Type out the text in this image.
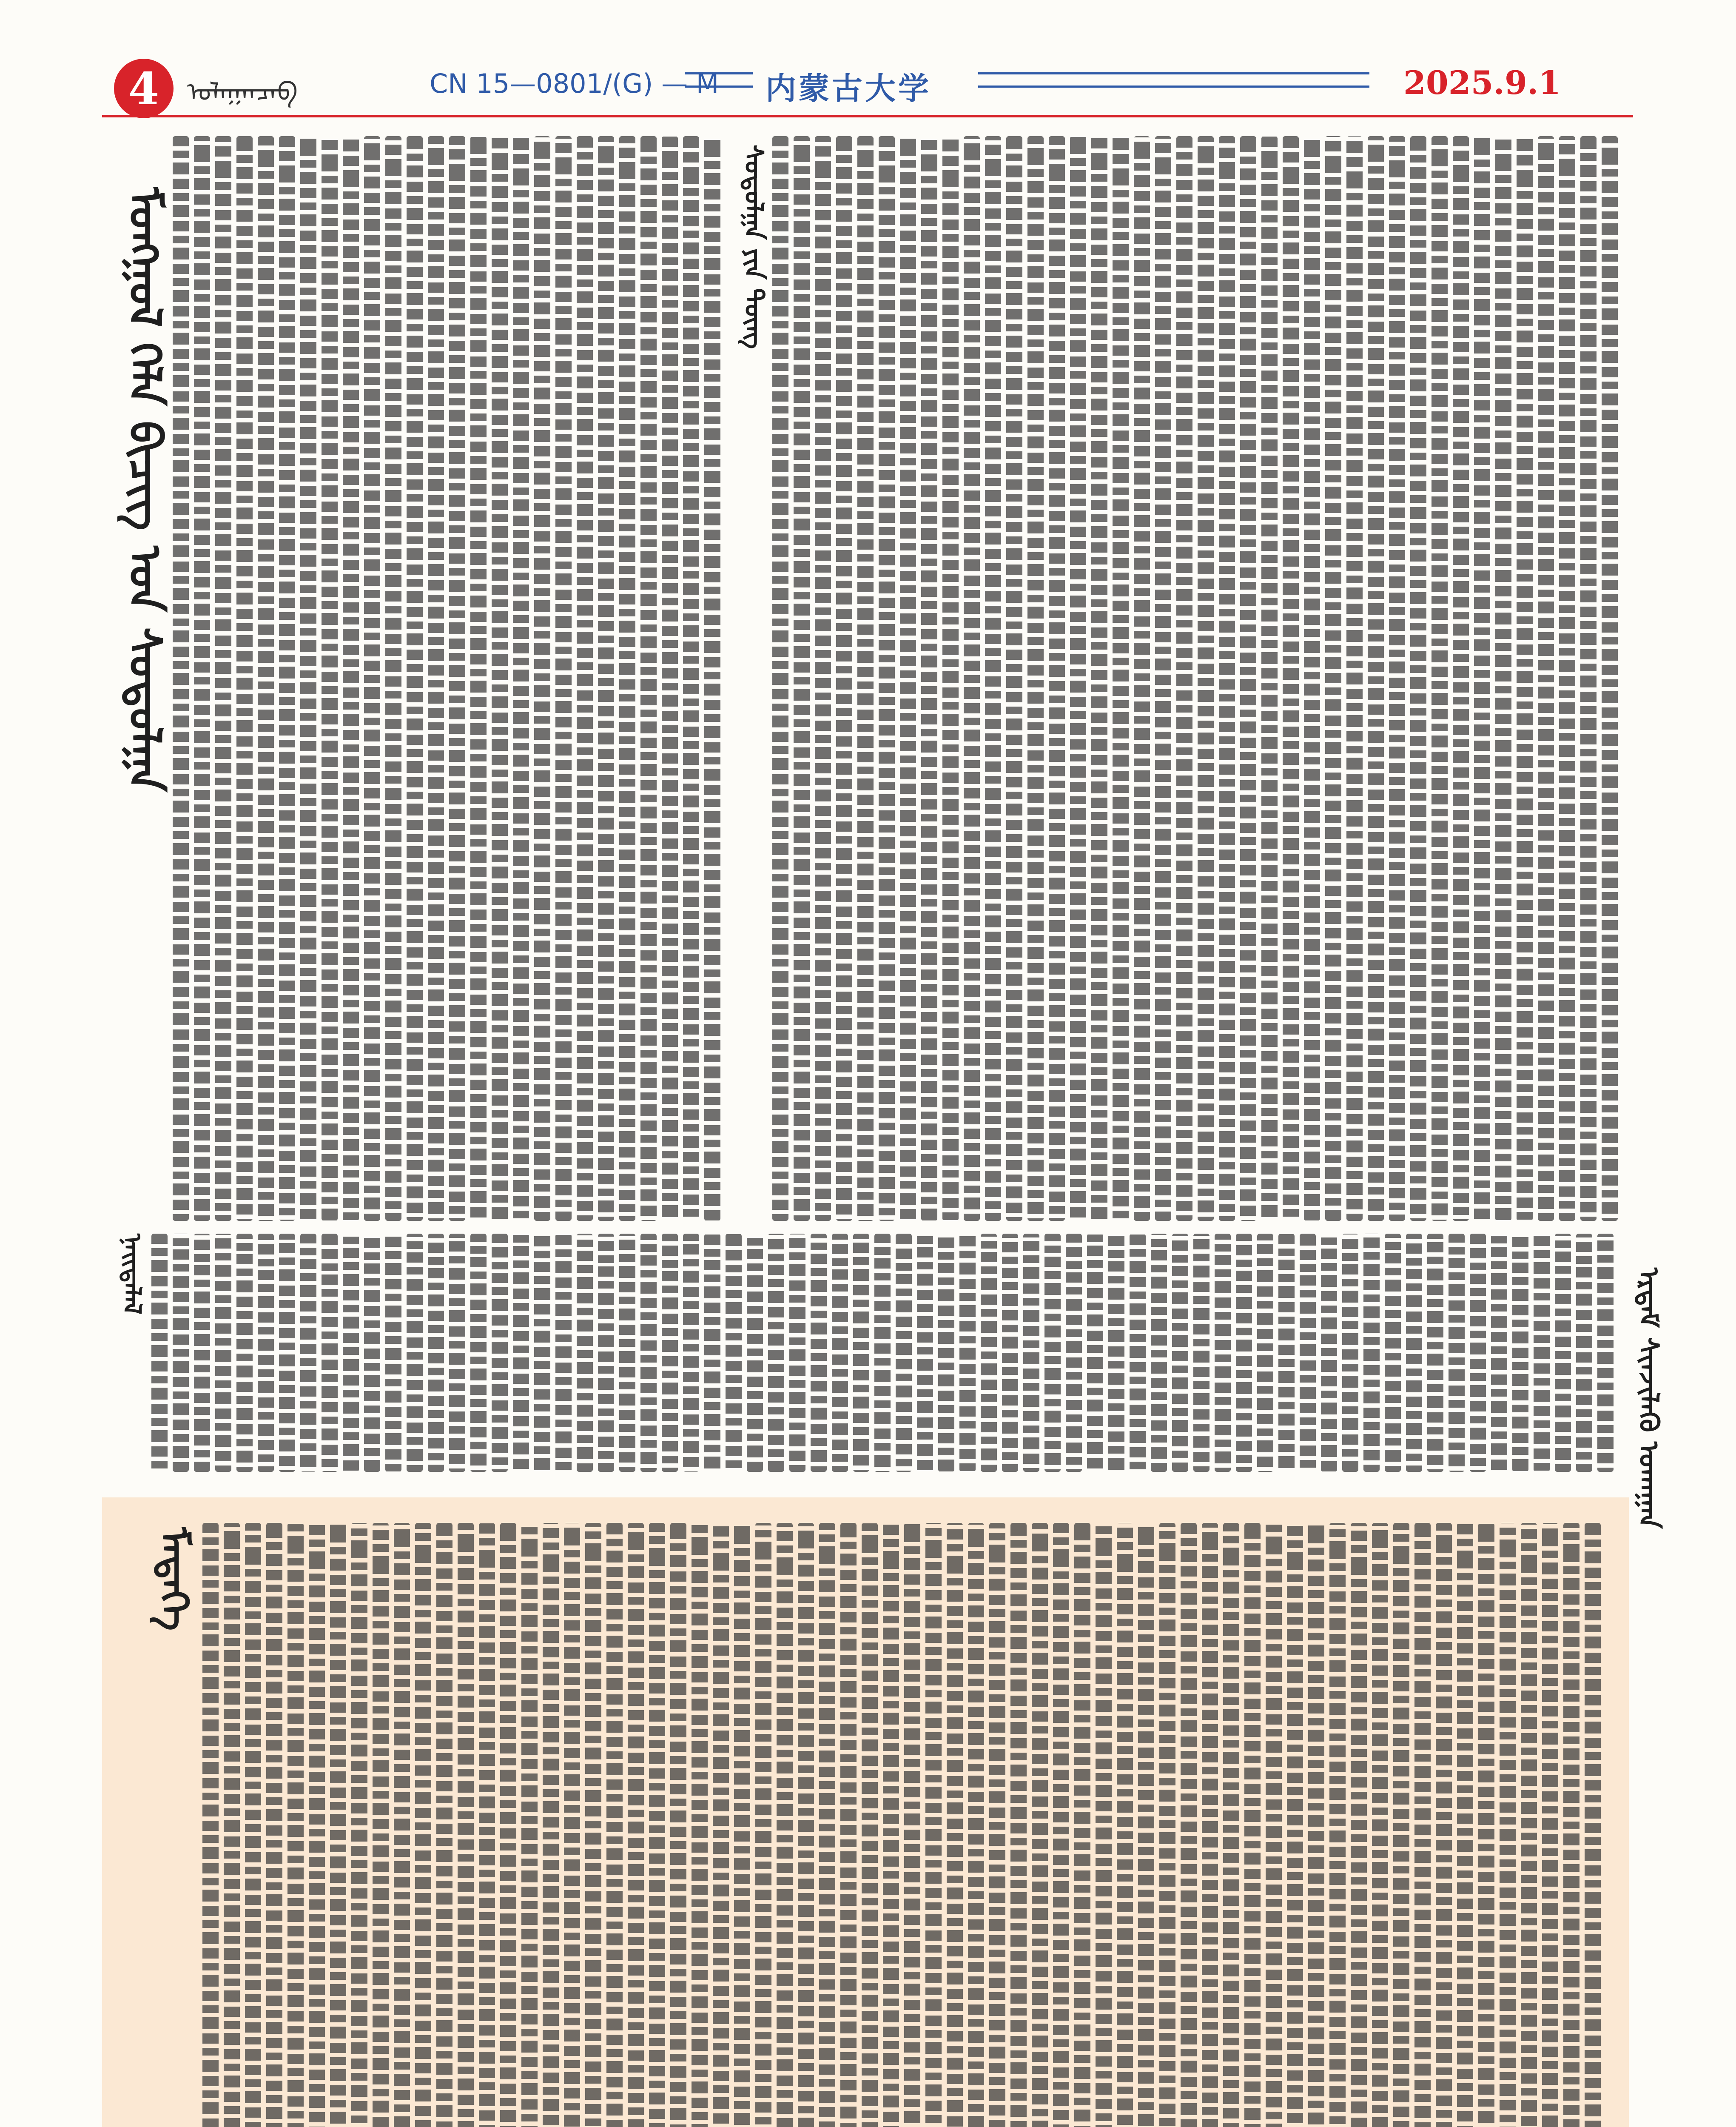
4	ᠤᠯᠠᠭᠠᠨᠴᠠᠪ	CN 15—0801/(G) — M 内蒙古大学	2025.9.1
ᠮᠣᠩᠭᠣᠯ ᠬᠡᠯᠡ ᠪᠢᠴᠢᠭ ᠤᠨ ᠰᠤᠳᠤᠯᠭᠠ	ᠰᠤᠳᠤᠯᠭᠠ ᠶᠢᠨ ᠳᠦᠩ
ᠨᠡᠢᠳᠡᠯᠡᠯ	ᠡᠷᠳᠡᠮ ᠰᠢᠨᠵᠢᠯᠡᠬᠦ ᠤᠬᠠᠭᠠᠨ
ᠮᠡᠳᠡᠭᠡ
